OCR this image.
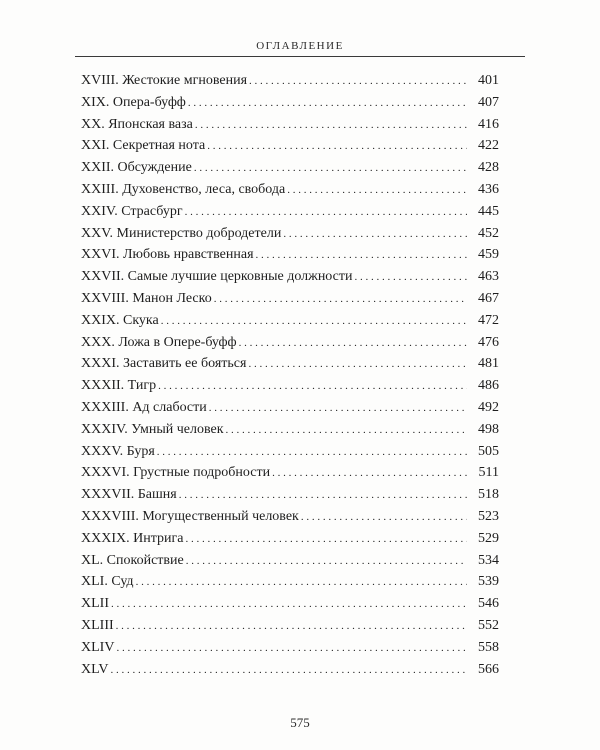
ОГЛАВЛЕНИЕ
XVIII. Жестокие мгновения . . .	401
XIX. Опера-буфф . . .	407
XX. Японская ваза . . .	416
XXI. Секретная нота . . .	422
XXII. Обсуждение . . .	428
XXIII. Духовенство, леса, свобода . . .	436
XXIV. Страсбург . . .	445
XXV. Министерство добродетели . . .	452
XXVI. Любовь нравственная . . .	459
XXVII. Самые лучшие церковные должности . . .	463
XXVIII. Манон Леско . . .	467
XXIX. Скука . . .	472
XXX. Ложа в Опере-буфф . . .	476
XXXI. Заставить ее бояться . . .	481
XXXII. Тигр . . .	486
XXXIII. Ад слабости . . .	492
XXXIV. Умный человек . . .	498
XXXV. Буря . . .	505
XXXVI. Грустные подробности . . .	511
XXXVII. Башня . . .	518
XXXVIII. Могущественный человек . . .	523
XXXIX. Интрига . . .	529
XL. Спокойствие . . .	534
XLI. Суд . . .	539
XLII . . .	546
XLIII . . .	552
XLIV . . .	558
XLV . . .	566
575
